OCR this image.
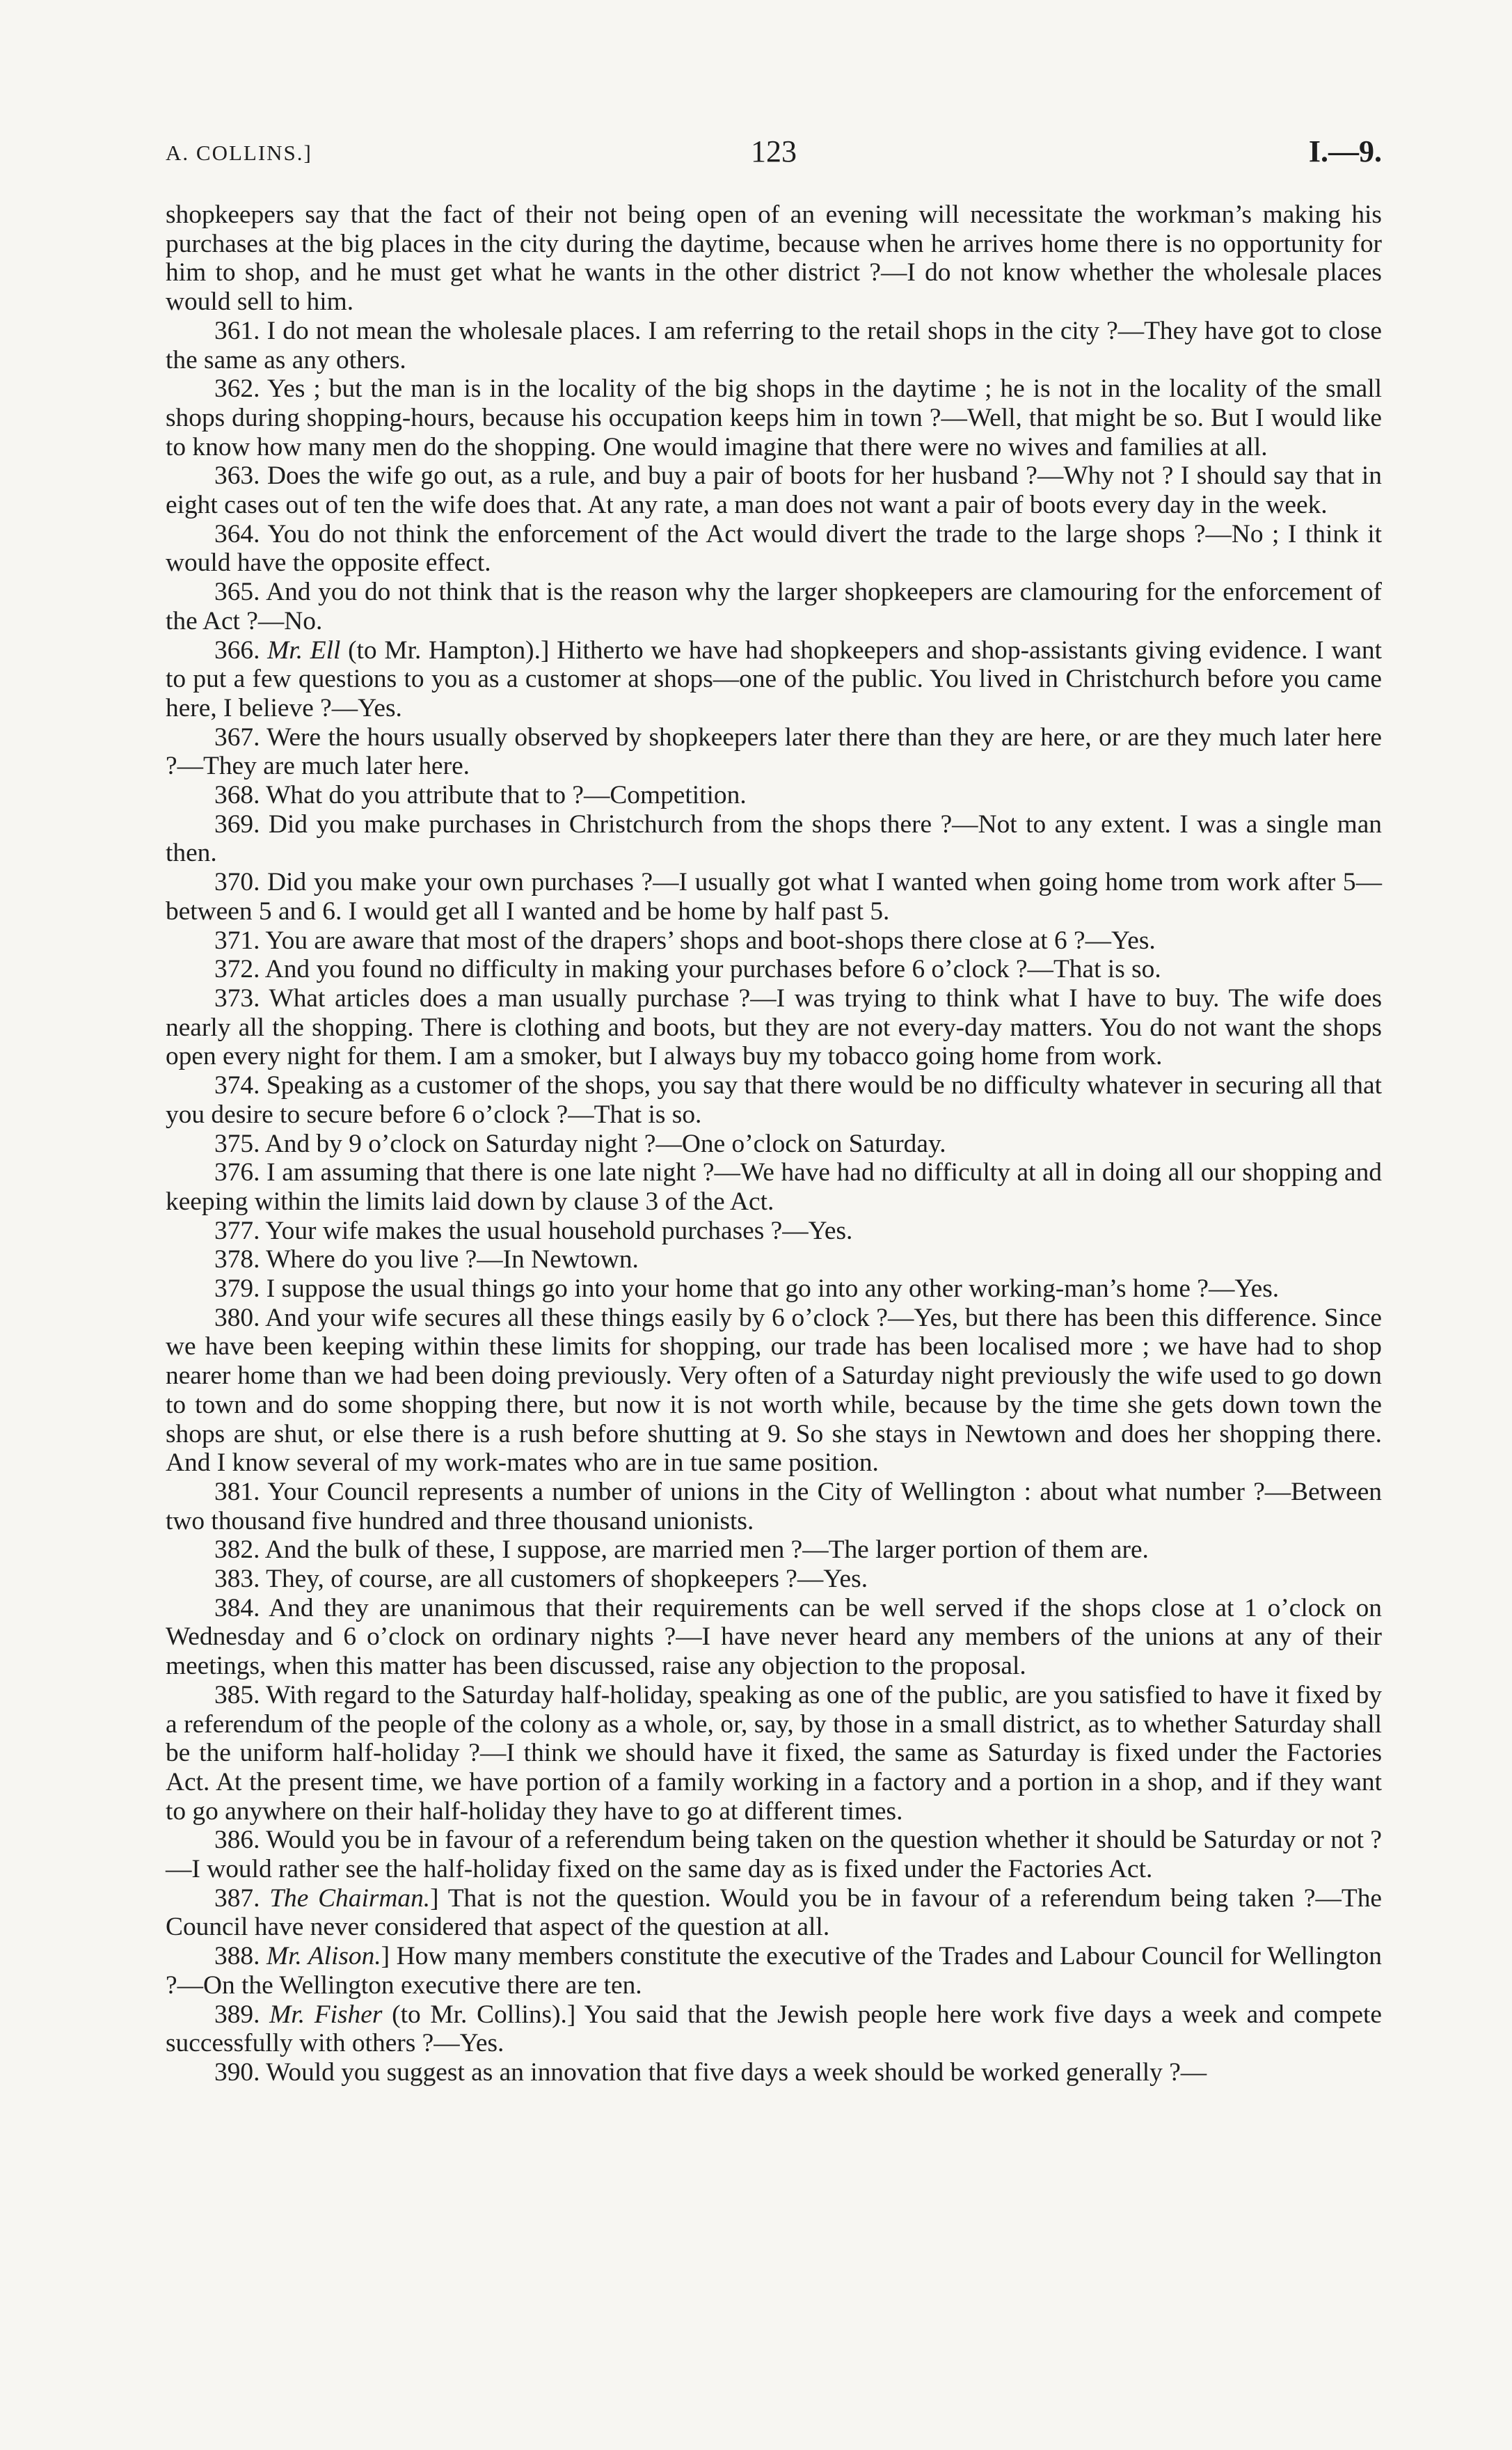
A. COLLINS.]	123	I.—9.

shopkeepers say that the fact of their not being open of an evening will necessitate the workman’s making his purchases at the big places in the city during the daytime, because when he arrives home there is no opportunity for him to shop, and he must get what he wants in the other district ?—I do not know whether the wholesale places would sell to him.

361. I do not mean the wholesale places. I am referring to the retail shops in the city ?—They have got to close the same as any others.

362. Yes ; but the man is in the locality of the big shops in the daytime ; he is not in the locality of the small shops during shopping-hours, because his occupation keeps him in town ?—Well, that might be so. But I would like to know how many men do the shopping. One would imagine that there were no wives and families at all.

363. Does the wife go out, as a rule, and buy a pair of boots for her husband ?—Why not ? I should say that in eight cases out of ten the wife does that. At any rate, a man does not want a pair of boots every day in the week.

364. You do not think the enforcement of the Act would divert the trade to the large shops ?—No ; I think it would have the opposite effect.

365. And you do not think that is the reason why the larger shopkeepers are clamouring for the enforcement of the Act ?—No.

366. Mr. Ell (to Mr. Hampton).] Hitherto we have had shopkeepers and shop-assistants giving evidence. I want to put a few questions to you as a customer at shops—one of the public. You lived in Christchurch before you came here, I believe ?—Yes.

367. Were the hours usually observed by shopkeepers later there than they are here, or are they much later here ?—They are much later here.

368. What do you attribute that to ?—Competition.

369. Did you make purchases in Christchurch from the shops there ?—Not to any extent. I was a single man then.

370. Did you make your own purchases ?—I usually got what I wanted when going home trom work after 5—between 5 and 6. I would get all I wanted and be home by half past 5.

371. You are aware that most of the drapers’ shops and boot-shops there close at 6 ?—Yes.

372. And you found no difficulty in making your purchases before 6 o’clock ?—That is so.

373. What articles does a man usually purchase ?—I was trying to think what I have to buy. The wife does nearly all the shopping. There is clothing and boots, but they are not every-day matters. You do not want the shops open every night for them. I am a smoker, but I always buy my tobacco going home from work.

374. Speaking as a customer of the shops, you say that there would be no difficulty whatever in securing all that you desire to secure before 6 o’clock ?—That is so.

375. And by 9 o’clock on Saturday night ?—One o’clock on Saturday.

376. I am assuming that there is one late night ?—We have had no difficulty at all in doing all our shopping and keeping within the limits laid down by clause 3 of the Act.

377. Your wife makes the usual household purchases ?—Yes.

378. Where do you live ?—In Newtown.

379. I suppose the usual things go into your home that go into any other working-man’s home ?—Yes.

380. And your wife secures all these things easily by 6 o’clock ?—Yes, but there has been this difference. Since we have been keeping within these limits for shopping, our trade has been localised more ; we have had to shop nearer home than we had been doing previously. Very often of a Saturday night previously the wife used to go down to town and do some shopping there, but now it is not worth while, because by the time she gets down town the shops are shut, or else there is a rush before shutting at 9. So she stays in Newtown and does her shopping there. And I know several of my work-mates who are in tue same position.

381. Your Council represents a number of unions in the City of Wellington : about what number ?—Between two thousand five hundred and three thousand unionists.

382. And the bulk of these, I suppose, are married men ?—The larger portion of them are.

383. They, of course, are all customers of shopkeepers ?—Yes.

384. And they are unanimous that their requirements can be well served if the shops close at 1 o’clock on Wednesday and 6 o’clock on ordinary nights ?—I have never heard any members of the unions at any of their meetings, when this matter has been discussed, raise any objection to the proposal.

385. With regard to the Saturday half-holiday, speaking as one of the public, are you satisfied to have it fixed by a referendum of the people of the colony as a whole, or, say, by those in a small district, as to whether Saturday shall be the uniform half-holiday ?—I think we should have it fixed, the same as Saturday is fixed under the Factories Act. At the present time, we have portion of a family working in a factory and a portion in a shop, and if they want to go anywhere on their half-holiday they have to go at different times.

386. Would you be in favour of a referendum being taken on the question whether it should be Saturday or not ?—I would rather see the half-holiday fixed on the same day as is fixed under the Factories Act.

387. The Chairman.] That is not the question. Would you be in favour of a referendum being taken ?—The Council have never considered that aspect of the question at all.

388. Mr. Alison.] How many members constitute the executive of the Trades and Labour Council for Wellington ?—On the Wellington executive there are ten.

389. Mr. Fisher (to Mr. Collins).] You said that the Jewish people here work five days a week and compete successfully with others ?—Yes.

390. Would you suggest as an innovation that five days a week should be worked generally ?—
